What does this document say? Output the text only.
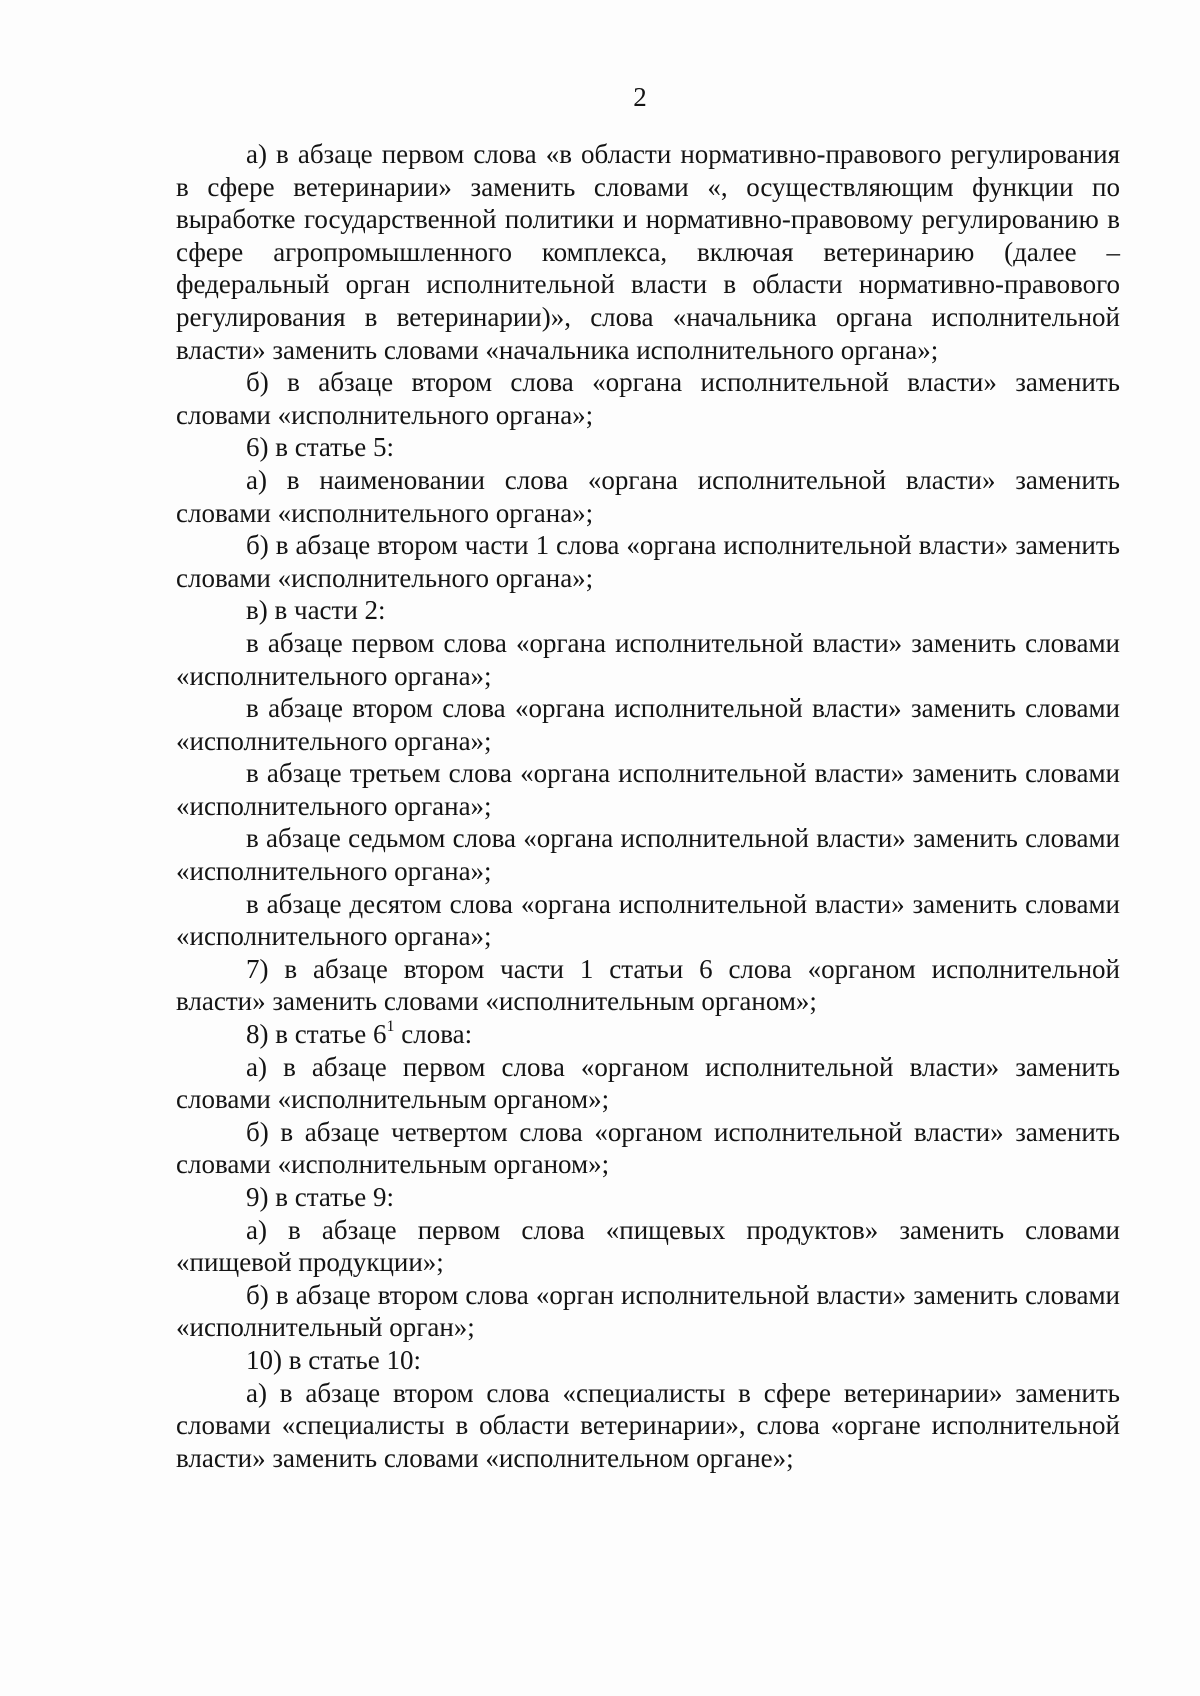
2

а) в абзаце первом слова «в области нормативно-правового регулирования в сфере ветеринарии» заменить словами «, осуществляющим функции по выработке государственной политики и нормативно-правовому регулированию в сфере агропромышленного комплекса, включая ветеринарию (далее – федеральный орган исполнительной власти в области нормативно-правового регулирования в ветеринарии)», слова «начальника органа исполнительной власти» заменить словами «начальника исполнительного органа»;

б) в абзаце втором слова «органа исполнительной власти» заменить словами «исполнительного органа»;

6) в статье 5:

а) в наименовании слова «органа исполнительной власти» заменить словами «исполнительного органа»;

б) в абзаце втором части 1 слова «органа исполнительной власти» заменить словами «исполнительного органа»;

в) в части 2:

в абзаце первом слова «органа исполнительной власти» заменить словами «исполнительного органа»;

в абзаце втором слова «органа исполнительной власти» заменить словами «исполнительного органа»;

в абзаце третьем слова «органа исполнительной власти» заменить словами «исполнительного органа»;

в абзаце седьмом слова «органа исполнительной власти» заменить словами «исполнительного органа»;

в абзаце десятом слова «органа исполнительной власти» заменить словами «исполнительного органа»;

7) в абзаце втором части 1 статьи 6 слова «органом исполнительной власти» заменить словами «исполнительным органом»;

8) в статье $6^1$ слова:

а) в абзаце первом слова «органом исполнительной власти» заменить словами «исполнительным органом»;

б) в абзаце четвертом слова «органом исполнительной власти» заменить словами «исполнительным органом»;

9) в статье 9:

а) в абзаце первом слова «пищевых продуктов» заменить словами «пищевой продукции»;

б) в абзаце втором слова «орган исполнительной власти» заменить словами «исполнительный орган»;

10) в статье 10:

а) в абзаце втором слова «специалисты в сфере ветеринарии» заменить словами «специалисты в области ветеринарии», слова «органе исполнительной власти» заменить словами «исполнительном органе»;
